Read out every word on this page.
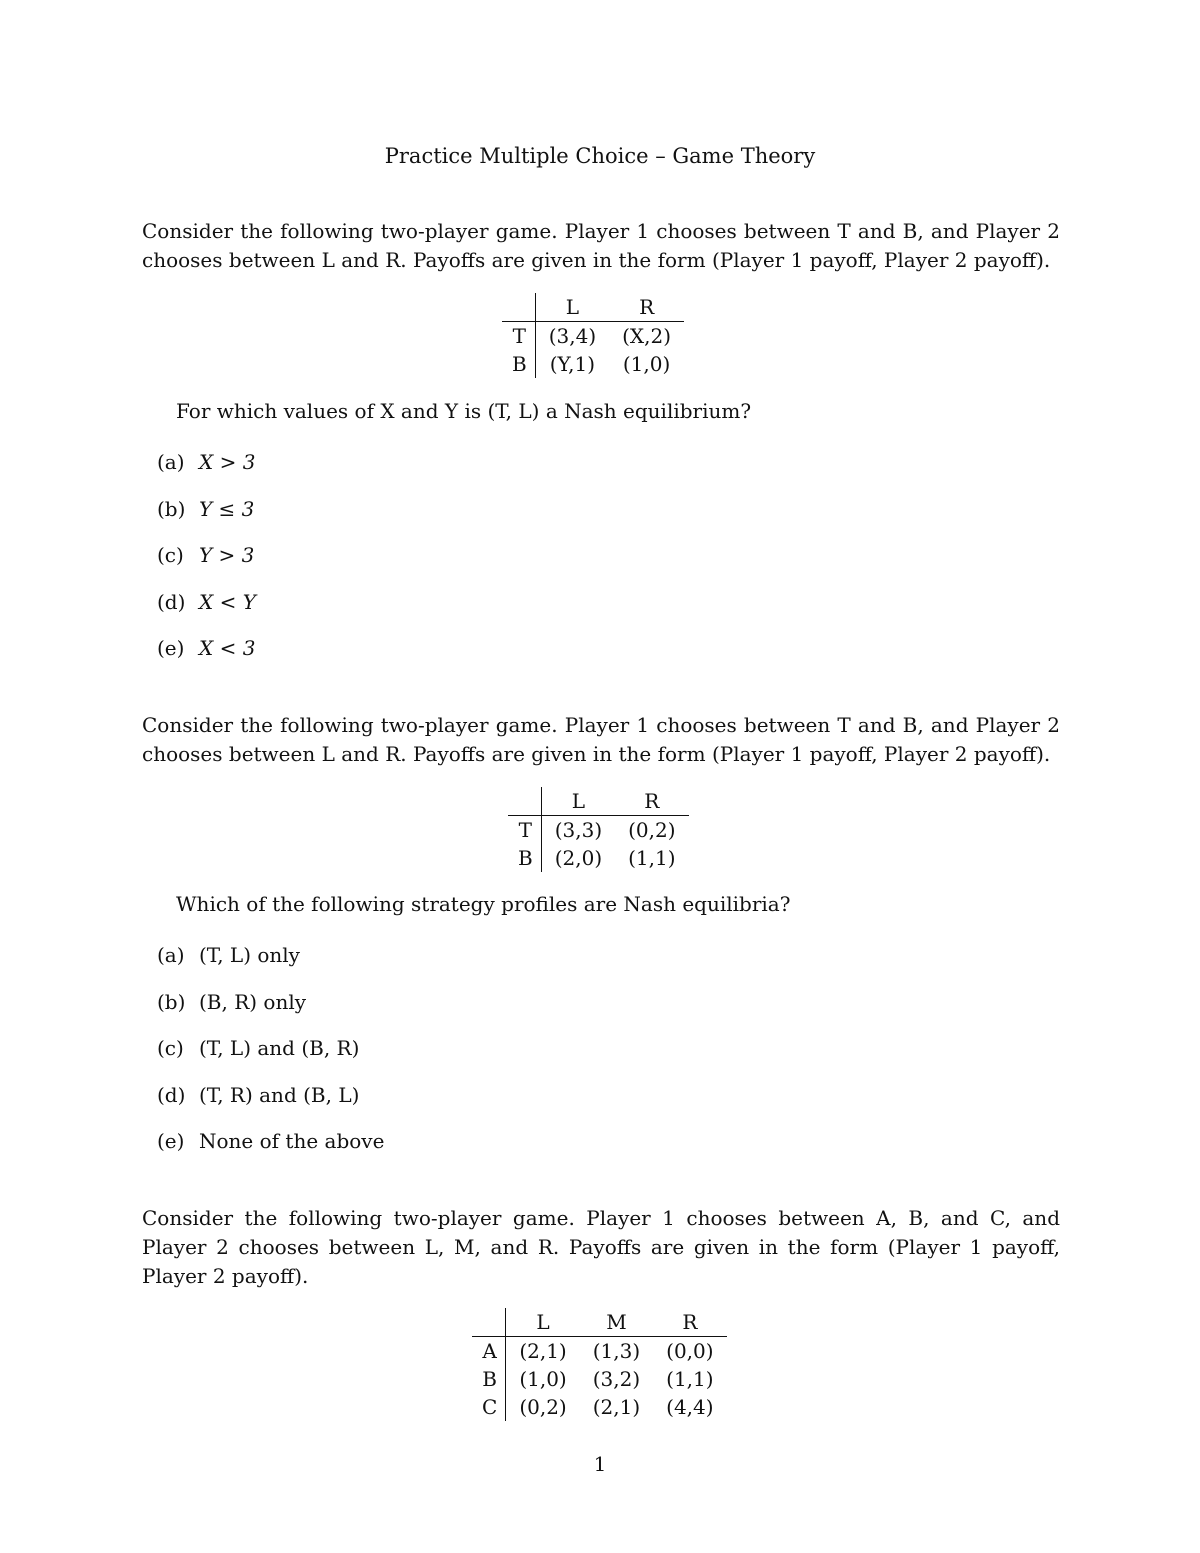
Practice Multiple Choice – Game Theory

Consider the following two-player game. Player 1 chooses between T and B, and Player 2 chooses between L and R. Payoffs are given in the form (Player 1 payoff, Player 2 payoff).

	L	R
T	(3,4)	(X,2)
B	(Y,1)	(1,0)
For which values of X and Y is (T, L) a Nash equilibrium?
(a) X > 3
(b) Y ≤ 3
(c) Y > 3
(d) X < Y
(e) X < 3

Consider the following two-player game. Player 1 chooses between T and B, and Player 2 chooses between L and R. Payoffs are given in the form (Player 1 payoff, Player 2 payoff).

	L	R
T	(3,3)	(0,2)
B	(2,0)	(1,1)
Which of the following strategy profiles are Nash equilibria?
(a) (T, L) only
(b) (B, R) only
(c) (T, L) and (B, R)
(d) (T, R) and (B, L)
(e) None of the above

Consider the following two-player game. Player 1 chooses between A, B, and C, and Player 2 chooses between L, M, and R. Payoffs are given in the form (Player 1 payoff, Player 2 payoff).

	L	M	R
A	(2,1)	(1,3)	(0,0)
B	(1,0)	(3,2)	(1,1)
C	(0,2)	(2,1)	(4,4)
1
